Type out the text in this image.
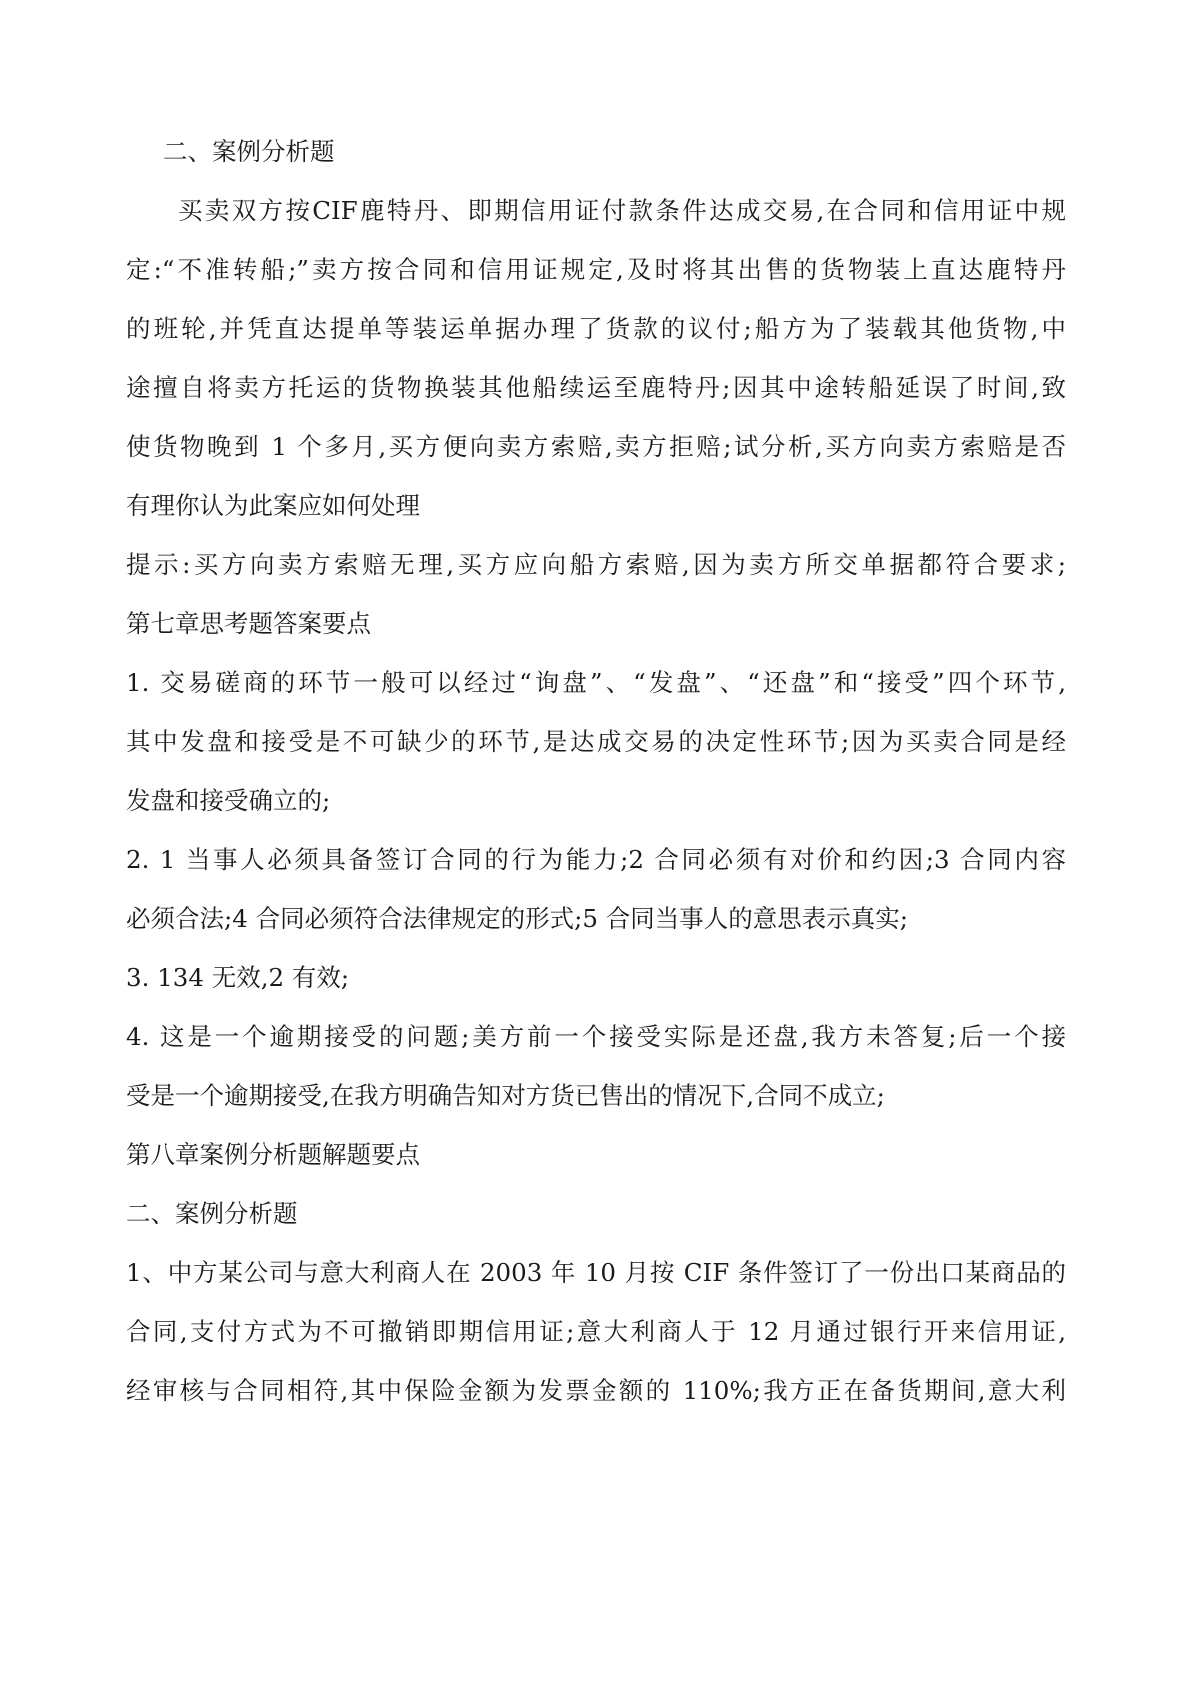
二、案例分析题
买卖双方按CIF鹿特丹、即期信用证付款条件达成交易,在合同和信用证中规
定:“不准转船;”卖方按合同和信用证规定,及时将其出售的货物装上直达鹿特丹
的班轮,并凭直达提单等装运单据办理了货款的议付;船方为了装载其他货物,中
途擅自将卖方托运的货物换装其他船续运至鹿特丹;因其中途转船延误了时间,致
使货物晚到 1 个多月,买方便向卖方索赔,卖方拒赔;试分析,买方向卖方索赔是否
有理你认为此案应如何处理
提示:买方向卖方索赔无理,买方应向船方索赔,因为卖方所交单据都符合要求;
第七章思考题答案要点
1. 交易磋商的环节一般可以经过“询盘”、“发盘”、“还盘”和“接受”四个环节,
其中发盘和接受是不可缺少的环节,是达成交易的决定性环节;因为买卖合同是经
发盘和接受确立的;
2. 1 当事人必须具备签订合同的行为能力;2 合同必须有对价和约因;3 合同内容
必须合法;4 合同必须符合法律规定的形式;5 合同当事人的意思表示真实;
3. 134 无效,2 有效;
4. 这是一个逾期接受的问题;美方前一个接受实际是还盘,我方未答复;后一个接
受是一个逾期接受,在我方明确告知对方货已售出的情况下,合同不成立;
第八章案例分析题解题要点
二、案例分析题
1、中方某公司与意大利商人在 2003 年 10 月按 CIF 条件签订了一份出口某商品的
合同,支付方式为不可撤销即期信用证;意大利商人于 12 月通过银行开来信用证,
经审核与合同相符,其中保险金额为发票金额的 110%;我方正在备货期间,意大利
